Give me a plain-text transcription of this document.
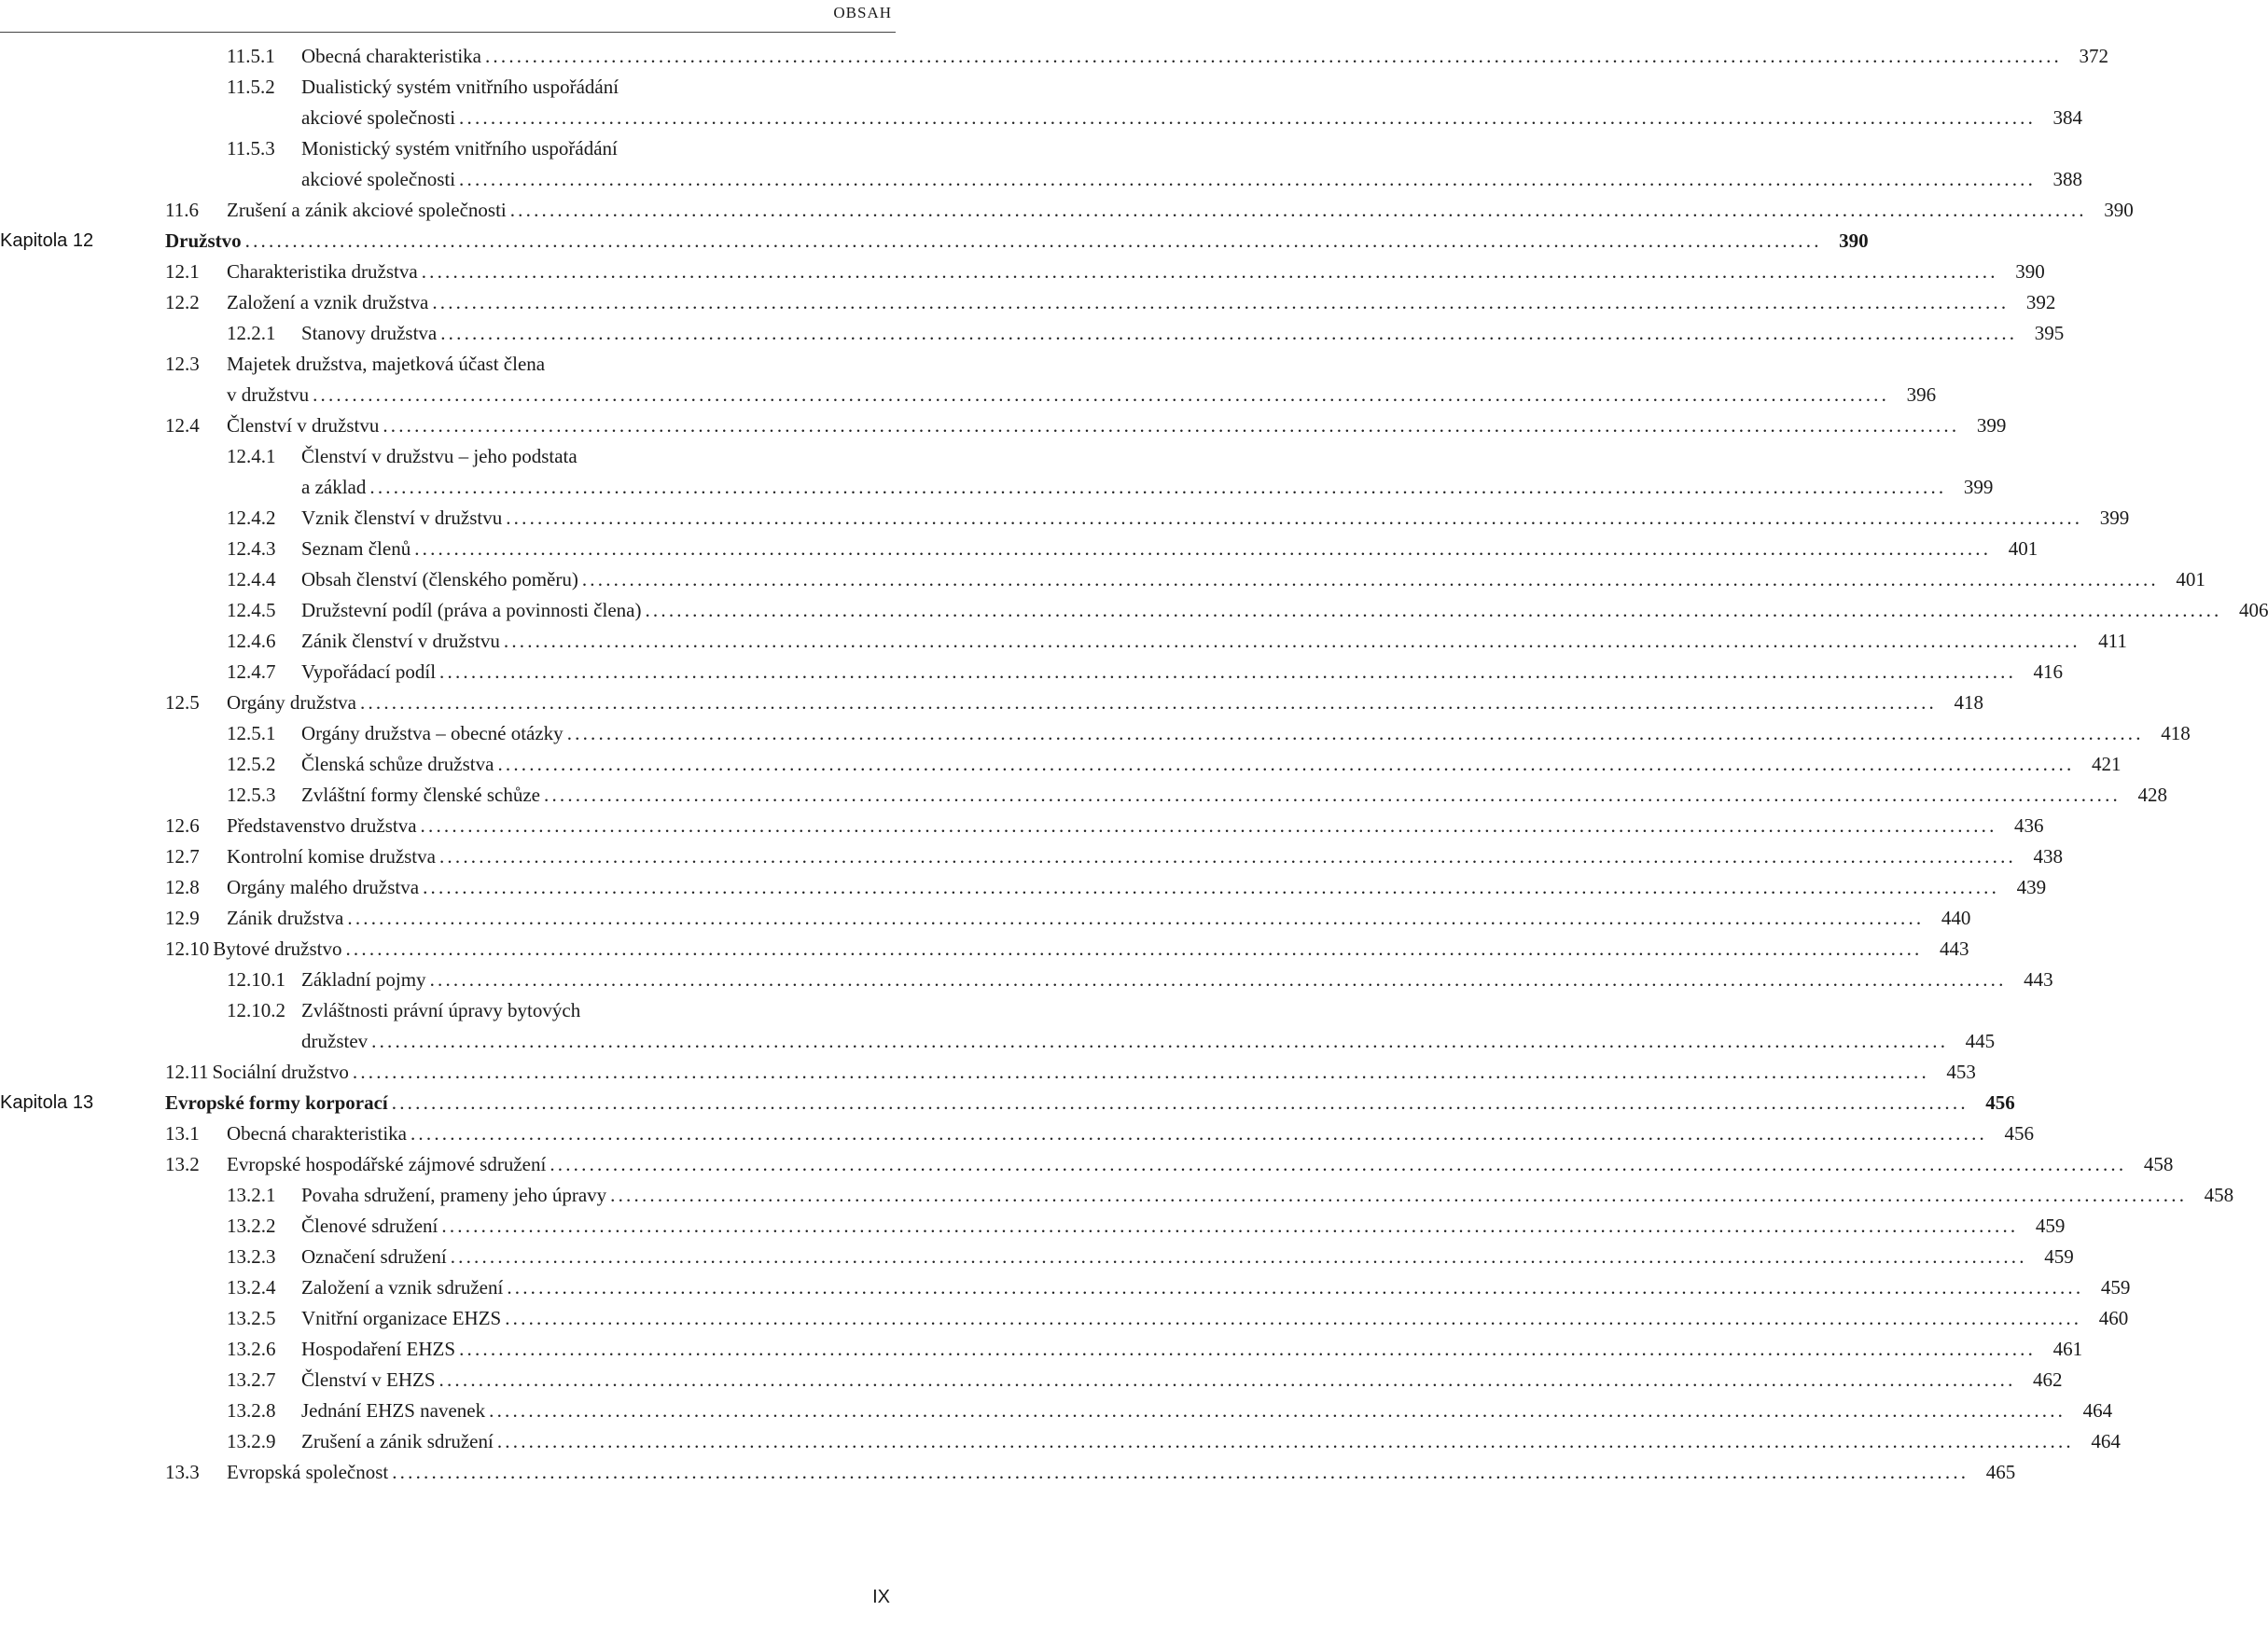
OBSAH
11.5.1	Obecná charakteristika ........................................................................................................................................................................................................ 372
11.5.2	Dualistický systém vnitřního uspořádání
akciové společnosti ........................................................................................................................................................................................................ 384
11.5.3	Monistický systém vnitřního uspořádání
akciové společnosti ........................................................................................................................................................................................................ 388
11.6	Zrušení a zánik akciové společnosti ........................................................................................................................................................................................................ 390
Kapitola 12	Družstvo ........................................................................................................................................................................................................ 390
12.1	Charakteristika družstva ........................................................................................................................................................................................................ 390
12.2	Založení a vznik družstva ........................................................................................................................................................................................................ 392
12.2.1	Stanovy družstva ........................................................................................................................................................................................................ 395
12.3	Majetek družstva, majetková účast člena
v družstvu ........................................................................................................................................................................................................ 396
12.4	Členství v družstvu ........................................................................................................................................................................................................ 399
12.4.1	Členství v družstvu – jeho podstata
a základ ........................................................................................................................................................................................................ 399
12.4.2	Vznik členství v družstvu ........................................................................................................................................................................................................ 399
12.4.3	Seznam členů ........................................................................................................................................................................................................ 401
12.4.4	Obsah členství (členského poměru) ........................................................................................................................................................................................................ 401
12.4.5	Družstevní podíl (práva a povinnosti člena) ........................................................................................................................................................................................................ 406
12.4.6	Zánik členství v družstvu ........................................................................................................................................................................................................ 411
12.4.7	Vypořádací podíl ........................................................................................................................................................................................................ 416
12.5	Orgány družstva ........................................................................................................................................................................................................ 418
12.5.1	Orgány družstva – obecné otázky ........................................................................................................................................................................................................ 418
12.5.2	Členská schůze družstva ........................................................................................................................................................................................................ 421
12.5.3	Zvláštní formy členské schůze ........................................................................................................................................................................................................ 428
12.6	Představenstvo družstva ........................................................................................................................................................................................................ 436
12.7	Kontrolní komise družstva ........................................................................................................................................................................................................ 438
12.8	Orgány malého družstva ........................................................................................................................................................................................................ 439
12.9	Zánik družstva ........................................................................................................................................................................................................ 440
12.10 Bytové družstvo ........................................................................................................................................................................................................ 443
12.10.1 Základní pojmy ........................................................................................................................................................................................................ 443
12.10.2 Zvláštnosti právní úpravy bytových
družstev ........................................................................................................................................................................................................ 445
12.11 Sociální družstvo ........................................................................................................................................................................................................ 453
Kapitola 13	Evropské formy korporací ........................................................................................................................................................................................................ 456
13.1	Obecná charakteristika ........................................................................................................................................................................................................ 456
13.2	Evropské hospodářské zájmové sdružení ........................................................................................................................................................................................................ 458
13.2.1	Povaha sdružení, prameny jeho úpravy ........................................................................................................................................................................................................ 458
13.2.2	Členové sdružení ........................................................................................................................................................................................................ 459
13.2.3	Označení sdružení ........................................................................................................................................................................................................ 459
13.2.4	Založení a vznik sdružení ........................................................................................................................................................................................................ 459
13.2.5	Vnitřní organizace EHZS ........................................................................................................................................................................................................ 460
13.2.6	Hospodaření EHZS ........................................................................................................................................................................................................ 461
13.2.7	Členství v EHZS ........................................................................................................................................................................................................ 462
13.2.8	Jednání EHZS navenek ........................................................................................................................................................................................................ 464
13.2.9	Zrušení a zánik sdružení ........................................................................................................................................................................................................ 464
13.3	Evropská společnost ........................................................................................................................................................................................................ 465
IX
